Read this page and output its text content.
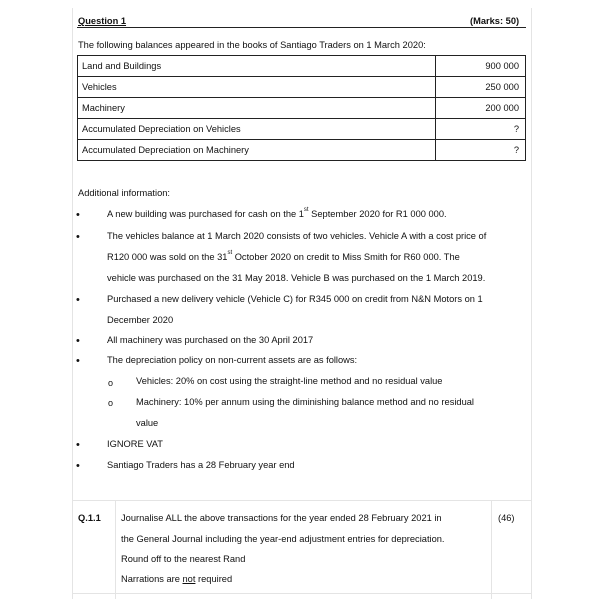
Question 1	(Marks: 50)
The following balances appeared in the books of Santiago Traders on 1 March 2020:
Land and Buildings	900 000
Vehicles	250 000
Machinery	200 000
Accumulated Depreciation on Vehicles	?
Accumulated Depreciation on Machinery	?
Additional information:
•	A new building was purchased for cash on the 1st September 2020 for R1 000 000.
•	The vehicles balance at 1 March 2020 consists of two vehicles. Vehicle A with a cost price of
R120 000 was sold on the 31st October 2020 on credit to Miss Smith for R60 000. The
vehicle was purchased on the 31 May 2018. Vehicle B was purchased on the 1 March 2019.
•	Purchased a new delivery vehicle (Vehicle C) for R345 000 on credit from N&N Motors on 1
December 2020
•	All machinery was purchased on the 30 April 2017
•	The depreciation policy on non-current assets are as follows:
o Vehicles: 20% on cost using the straight-line method and no residual value
o Machinery: 10% per annum using the diminishing balance method and no residual
value
•	IGNORE VAT
•	Santiago Traders has a 28 February year end
Q.1.1	(46)
Journalise ALL the above transactions for the year ended 28 February 2021 in
the General Journal including the year-end adjustment entries for depreciation.
Round off to the nearest Rand
Narrations are not required
